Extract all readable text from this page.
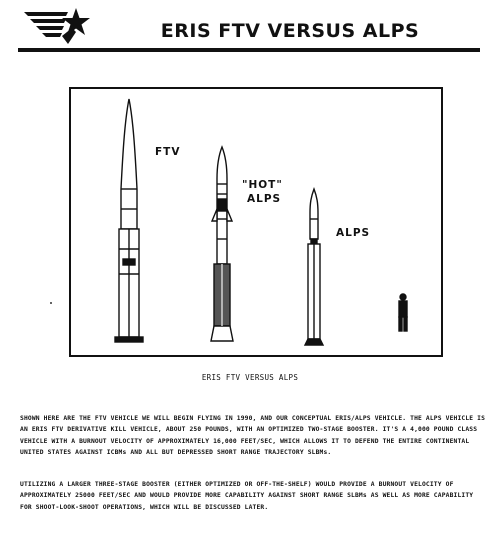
ERIS FTV VERSUS ALPS
FTV
"HOT"
ALPS
ALPS
ERIS FTV VERSUS ALPS

SHOWN HERE ARE THE FTV VEHICLE WE WILL BEGIN FLYING IN 1990, AND OUR CONCEPTUAL ERIS/ALPS VEHICLE. THE ALPS VEHICLE IS AN ERIS FTV DERIVATIVE KILL VEHICLE, ABOUT 250 POUNDS, WITH AN OPTIMIZED TWO-STAGE BOOSTER. IT'S A 4,000 POUND CLASS VEHICLE WITH A BURNOUT VELOCITY OF APPROXIMATELY 16,000 FEET/SEC, WHICH ALLOWS IT TO DEFEND THE ENTIRE CONTINENTAL UNITED STATES AGAINST ICBMs AND ALL BUT DEPRESSED SHORT RANGE TRAJECTORY SLBMs.

UTILIZING A LARGER THREE-STAGE BOOSTER (EITHER OPTIMIZED OR OFF-THE-SHELF) WOULD PROVIDE A BURNOUT VELOCITY OF APPROXIMATELY 25000 FEET/SEC AND WOULD PROVIDE MORE CAPABILITY AGAINST SHORT RANGE SLBMs AS WELL AS MORE CAPABILITY FOR SHOOT-LOOK-SHOOT OPERATIONS, WHICH WILL BE DISCUSSED LATER.
